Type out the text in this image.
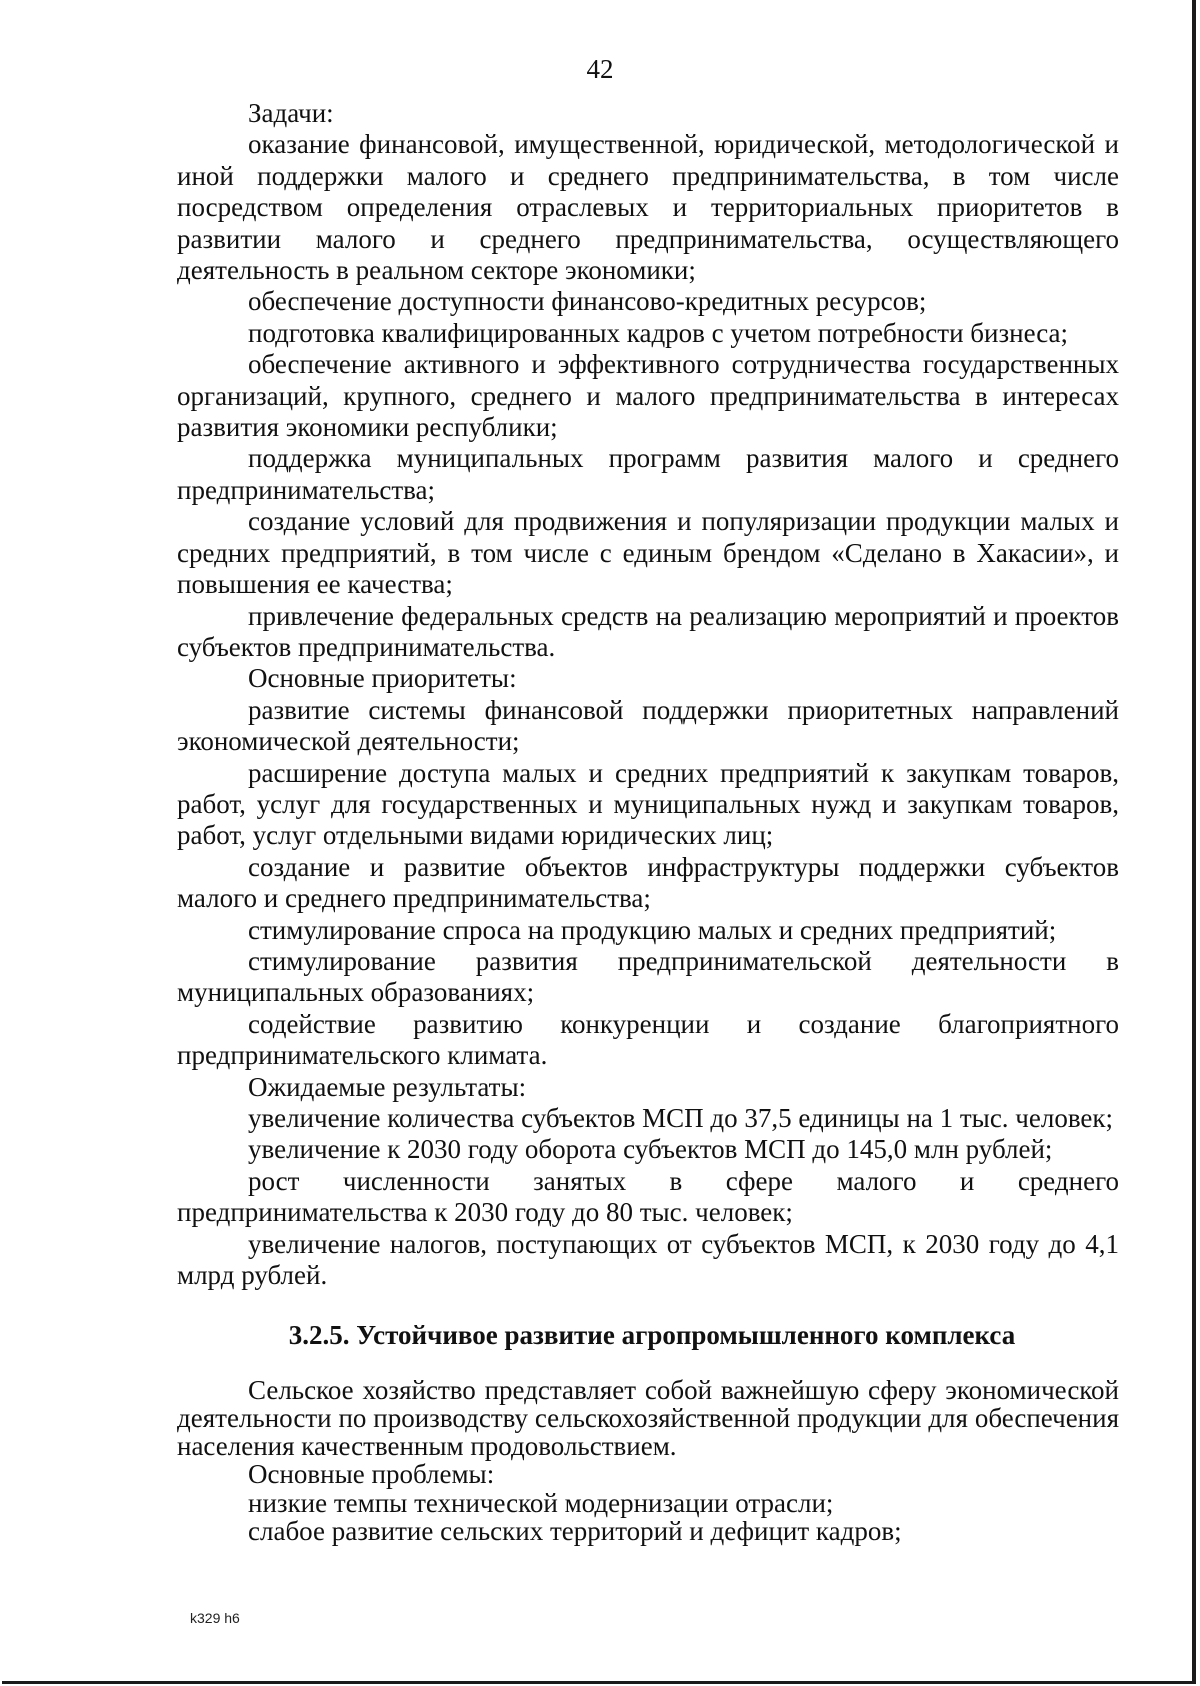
42

Задачи:

оказание финансовой, имущественной, юридической, методологической и иной поддержки малого и среднего предпринимательства, в том числе посредством определения отраслевых и территориальных приоритетов в развитии малого и среднего предпринимательства, осуществляющего деятельность в реальном секторе экономики;

обеспечение доступности финансово-кредитных ресурсов;

подготовка квалифицированных кадров с учетом потребности бизнеса;

обеспечение активного и эффективного сотрудничества государственных организаций, крупного, среднего и малого предпринимательства в интересах развития экономики республики;

поддержка муниципальных программ развития малого и среднего предпринимательства;

создание условий для продвижения и популяризации продукции малых и средних предприятий, в том числе с единым брендом «Сделано в Хакасии», и повышения ее качества;

привлечение федеральных средств на реализацию мероприятий и проектов субъектов предпринимательства.

Основные приоритеты:

развитие системы финансовой поддержки приоритетных направлений экономической деятельности;

расширение доступа малых и средних предприятий к закупкам товаров, работ, услуг для государственных и муниципальных нужд и закупкам товаров, работ, услуг отдельными видами юридических лиц;

создание и развитие объектов инфраструктуры поддержки субъектов малого и среднего предпринимательства;

стимулирование спроса на продукцию малых и средних предприятий;

стимулирование развития предпринимательской деятельности в муниципальных образованиях;

содействие развитию конкуренции и создание благоприятного предпринимательского климата.

Ожидаемые результаты:

увеличение количества субъектов МСП до 37,5 единицы на 1 тыс. человек;

увеличение к 2030 году оборота субъектов МСП до 145,0 млн рублей;

рост численности занятых в сфере малого и среднего предпринимательства к 2030 году до 80 тыс. человек;

увеличение налогов, поступающих от субъектов МСП, к 2030 году до 4,1 млрд рублей.

3.2.5. Устойчивое развитие агропромышленного комплекса

Сельское хозяйство представляет собой важнейшую сферу экономической деятельности по производству сельскохозяйственной продукции для обеспечения населения качественным продовольствием.

Основные проблемы:

низкие темпы технической модернизации отрасли;

слабое развитие сельских территорий и дефицит кадров;

k329 h6
